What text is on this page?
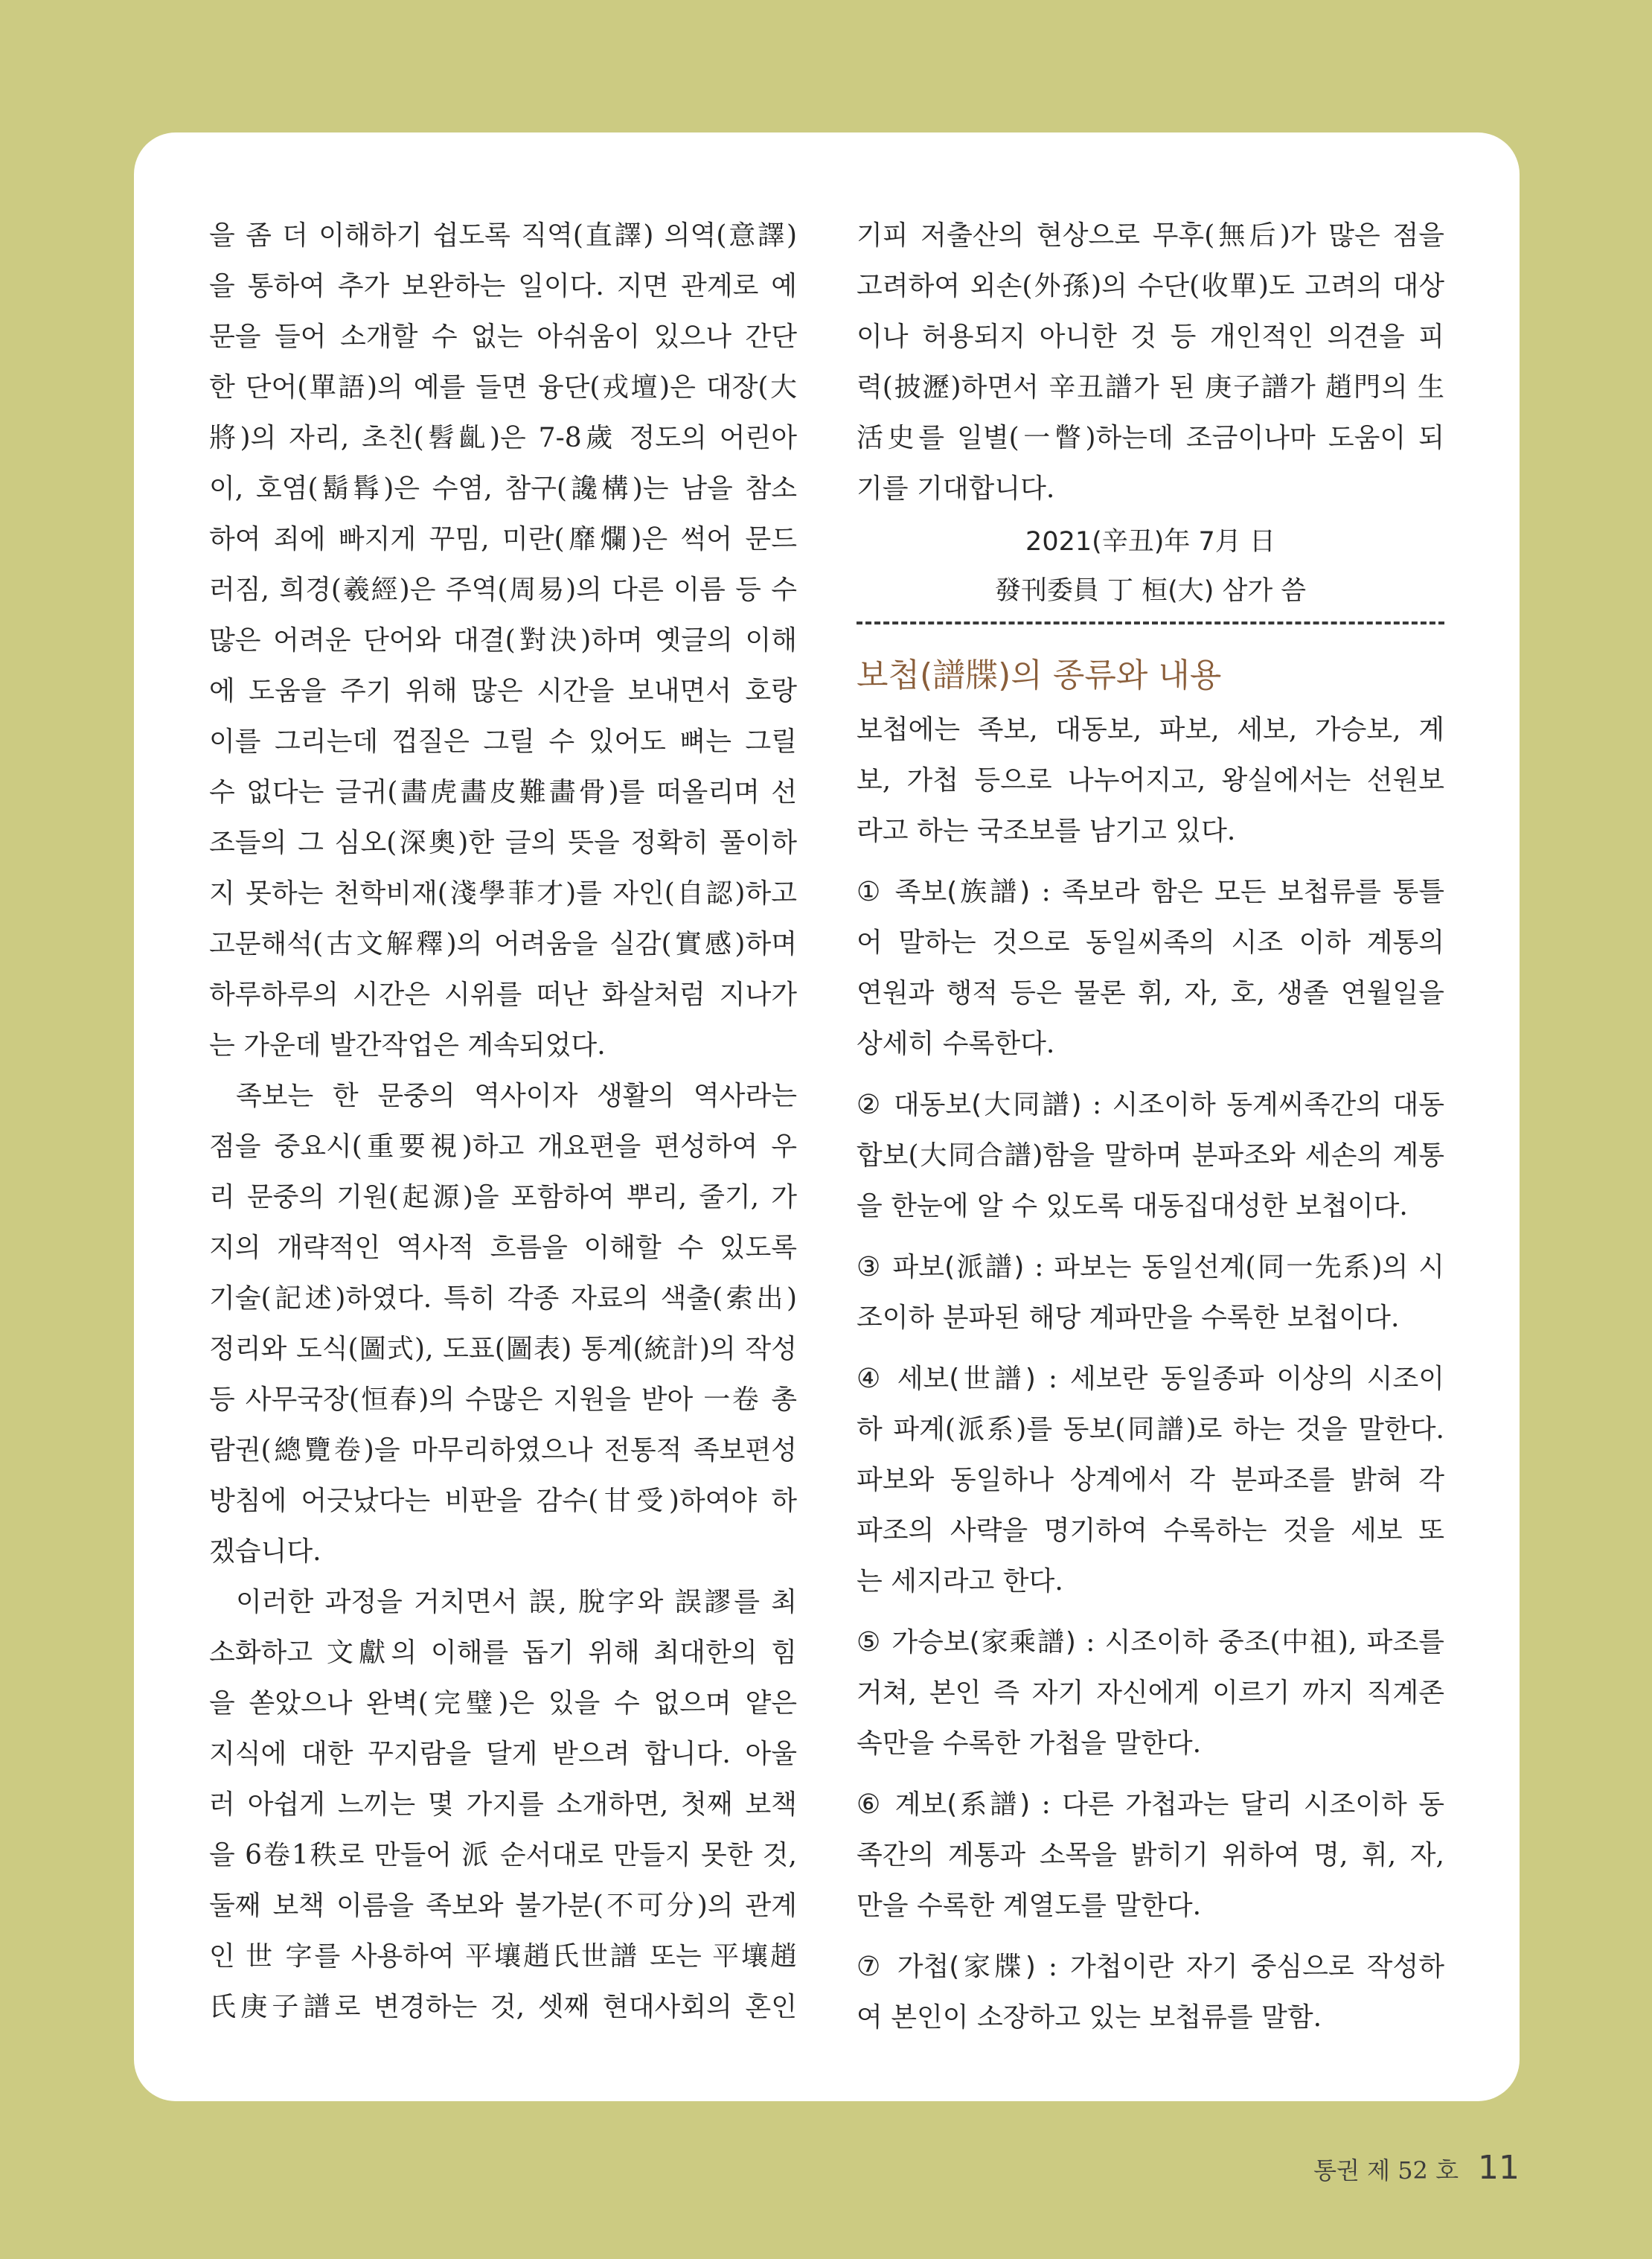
을 좀 더 이해하기 쉽도록 직역(直譯) 의역(意譯)
을 통하여 추가 보완하는 일이다. 지면 관계로 예
문을 들어 소개할 수 없는 아쉬움이 있으나 간단
한 단어(單語)의 예를 들면 융단(戎壇)은 대장(大
將)의 자리, 초친(髫齓)은 7-8歲 정도의 어린아
이, 호염(鬍髥)은 수염, 참구(讒構)는 남을 참소
하여 죄에 빠지게 꾸밈, 미란(靡爛)은 썩어 문드
러짐, 희경(羲經)은 주역(周易)의 다른 이름 등 수
많은 어려운 단어와 대결(對決)하며 옛글의 이해
에 도움을 주기 위해 많은 시간을 보내면서 호랑
이를 그리는데 껍질은 그릴 수 있어도 뼈는 그릴
수 없다는 글귀(畵虎畵皮難畵骨)를 떠올리며 선
조들의 그 심오(深奧)한 글의 뜻을 정확히 풀이하
지 못하는 천학비재(淺學菲才)를 자인(自認)하고
고문해석(古文解釋)의 어려움을 실감(實感)하며
하루하루의 시간은 시위를 떠난 화살처럼 지나가
는 가운데 발간작업은 계속되었다.
족보는 한 문중의 역사이자 생활의 역사라는
점을 중요시(重要視)하고 개요편을 편성하여 우
리 문중의 기원(起源)을 포함하여 뿌리, 줄기, 가
지의 개략적인 역사적 흐름을 이해할 수 있도록
기술(記述)하였다. 특히 각종 자료의 색출(索出)
정리와 도식(圖式), 도표(圖表) 통계(統計)의 작성
등 사무국장(恒春)의 수많은 지원을 받아 一卷 총
람권(總覽卷)을 마무리하였으나 전통적 족보편성
방침에 어긋났다는 비판을 감수(甘受)하여야 하
겠습니다.
이러한 과정을 거치면서 誤, 脫字와 誤謬를 최
소화하고 文獻의 이해를 돕기 위해 최대한의 힘
을 쏟았으나 완벽(完璧)은 있을 수 없으며 얕은
지식에 대한 꾸지람을 달게 받으려 합니다. 아울
러 아쉽게 느끼는 몇 가지를 소개하면, 첫째 보책
을 6卷1秩로 만들어 派 순서대로 만들지 못한 것,
둘째 보책 이름을 족보와 불가분(不可分)의 관계
인 世 字를 사용하여 平壤趙氏世譜 또는 平壤趙
氏庚子譜로 변경하는 것, 셋째 현대사회의 혼인
기피 저출산의 현상으로 무후(無后)가 많은 점을
고려하여 외손(外孫)의 수단(收單)도 고려의 대상
이나 허용되지 아니한 것 등 개인적인 의견을 피
력(披瀝)하면서 辛丑譜가 된 庚子譜가 趙門의 生
活史를 일별(一瞥)하는데 조금이나마 도움이 되
기를 기대합니다.
2021(辛丑)年 7月 日
發刊委員 丁 桓(大) 삼가 씀
보첩(譜牒)의 종류와 내용
보첩에는 족보, 대동보, 파보, 세보, 가승보, 계
보, 가첩 등으로 나누어지고, 왕실에서는 선원보
라고 하는 국조보를 남기고 있다.
① 족보(族譜) : 족보라 함은 모든 보첩류를 통틀
어 말하는 것으로 동일씨족의 시조 이하 계통의
연원과 행적 등은 물론 휘, 자, 호, 생졸 연월일을
상세히 수록한다.
② 대동보(大同譜) : 시조이하 동계씨족간의 대동
합보(大同合譜)함을 말하며 분파조와 세손의 계통
을 한눈에 알 수 있도록 대동집대성한 보첩이다.
③ 파보(派譜) : 파보는 동일선계(同一先系)의 시
조이하 분파된 해당 계파만을 수록한 보첩이다.
④ 세보(世譜) : 세보란 동일종파 이상의 시조이
하 파계(派系)를 동보(同譜)로 하는 것을 말한다.
파보와 동일하나 상계에서 각 분파조를 밝혀 각
파조의 사략을 명기하여 수록하는 것을 세보 또
는 세지라고 한다.
⑤ 가승보(家乘譜) : 시조이하 중조(中祖), 파조를
거쳐, 본인 즉 자기 자신에게 이르기 까지 직계존
속만을 수록한 가첩을 말한다.
⑥ 계보(系譜) : 다른 가첩과는 달리 시조이하 동
족간의 계통과 소목을 밝히기 위하여 명, 휘, 자,
만을 수록한 계열도를 말한다.
⑦ 가첩(家牒) : 가첩이란 자기 중심으로 작성하
여 본인이 소장하고 있는 보첩류를 말함.
통권 제 52 호 11
